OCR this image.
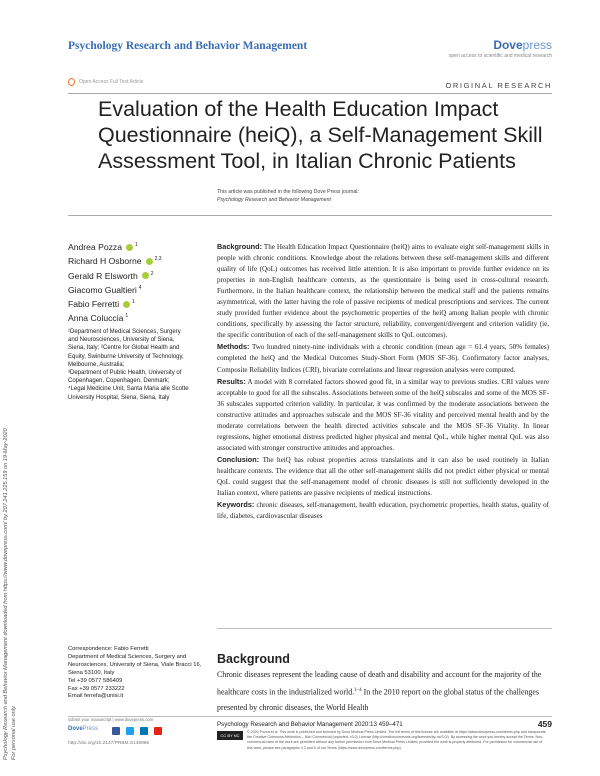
Psychology Research and Behavior Management	Dovepress
open access to scientific and medical research
Open Access Full Text Article	ORIGINAL RESEARCH
Evaluation of the Health Education Impact Questionnaire (heiQ), a Self-Management Skill Assessment Tool, in Italian Chronic Patients
This article was published in the following Dove Press journal:
Psychology Research and Behavior Management
Psychology Research and Behavior Management downloaded from https://www.dovepress.com/ by 207.241.225.159 on 19-May-2020 For personal use only.
Andrea Pozza	$^1$
Richard H Osborne	$^{2,3}$
Gerald R Elsworth	$^2$
Giacomo Gualtieri $^4$
Fabio Ferretti	$^1$
Anna Coluccia $^1$

¹Department of Medical Sciences, Surgery and Neurosciences, University of Siena, Siena, Italy; ²Centre for Global Health and Equity, Swinburne University of Technology, Melbourne, Australia;

³Department of Public Health, University of Copenhagen, Copenhagen, Denmark;

⁴Legal Medicine Unit, Santa Maria alle Scotte University Hospital, Siena, Siena, Italy

Background: The Health Education Impact Questionnaire (heiQ) aims to evaluate eight self-management skills in people with chronic conditions. Knowledge about the relations between these self-management skills and different quality of life (QoL) outcomes has received little attention. It is also important to provide further evidence on its properties in non-English healthcare contexts, as the questionnaire is being used in cross-cultural research. Furthermore, in the Italian healthcare context, the relationship between the medical staff and the patients remains asymmetrical, with the latter having the role of passive recipients of medical prescriptions and services. The current study provided further evidence about the psychometric properties of the heiQ among Italian people with chronic conditions, specifically by assessing the factor structure, reliability, convergent/divergent and criterion validity (ie, the specific contribution of each of the self-management skills to QoL outcomes).

Methods: Two hundred ninety-nine individuals with a chronic condition (mean age = 61.4 years, 50% females) completed the heiQ and the Medical Outcomes Study-Short Form (MOS SF-36). Confirmatory factor analyses, Composite Reliability Indices (CRI), bivariate correlations and linear regression analyses were computed.

Results: A model with 8 correlated factors showed good fit, in a similar way to previous studies. CRI values were acceptable to good for all the subscales. Associations between some of the heiQ subscales and some of the MOS SF-36 subscales supported criterion validity. In particular, it was confirmed by the moderate associations between the constructive attitudes and approaches subscale and the MOS SF-36 vitality and perceived mental health and by the moderate correlations between the health directed activities subscale and the MOS SF-36 Vitality. In linear regressions, higher emotional distress predicted higher physical and mental QoL, while higher mental QoL was also associated with stronger constructive attitudes and approaches.

Conclusion: The heiQ has robust properties across translations and it can also be used routinely in Italian healthcare contexts. The evidence that all the other self-management skills did not predict either physical or mental QoL could suggest that the self-management model of chronic diseases is still not sufficiently developed in the Italian context, where patients are passive recipients of medical instructions.

Keywords: chronic diseases, self-management, health education, psychometric properties, health status, quality of life, diabetes, cardiovascular diseases

Correspondence: Fabio Ferretti

Department of Medical Sciences, Surgery and Neurosciences, University of Siena, Viale Bracci 16, Siena 53100, Italy

Tel +39 0577 586409

Fax +39 0577 233222

Email ferrefa@unisi.it

Background
Chronic diseases represent the leading cause of death and disability and account for the majority of the healthcare costs in the industrialized world.$^{1-4}$ In the 2010 report on the global status of the challenges presented by chronic diseases, the World Health
submit your manuscript | www.dovepress.com
DovePress
http://doi.org/10.2147/PRBM.S149965
Psychology Research and Behavior Management 2020:13 459–471	459
CC BY NC
© 2020 Pozza et al. This work is published and licensed by Dove Medical Press Limited. The full terms of this license are available at https://www.dovepress.com/terms.php and incorporate the Creative Commons Attribution – Non Commercial (unported, v3.0) License (http://creativecommons.org/licenses/by-nc/3.0/). By accessing the work you hereby accept the Terms. Non-commercial uses of the work are permitted without any further permission from Dove Medical Press Limited, provided the work is properly attributed. For permission for commercial use of this work, please see paragraphs 4.2 and 5 of our Terms (https://www.dovepress.com/terms.php).
